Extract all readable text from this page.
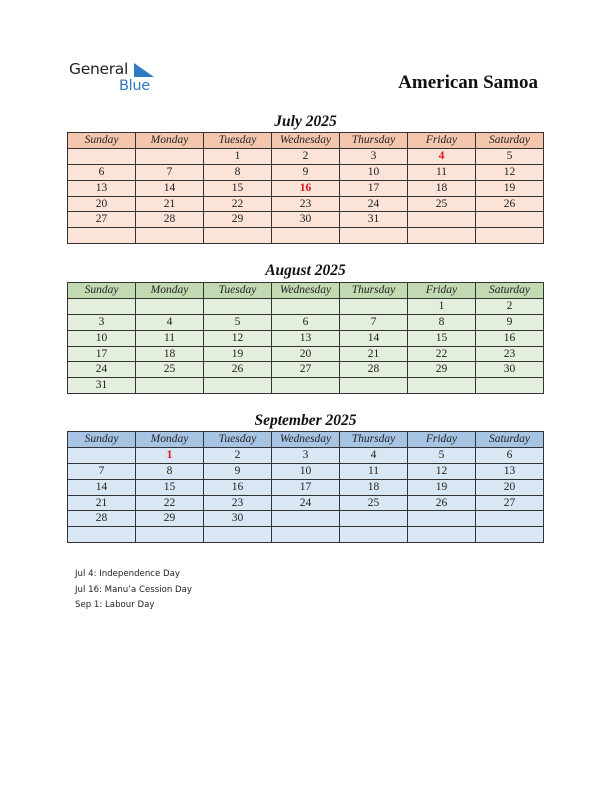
General
Blue	American Samoa
July 2025
Sunday	Monday	Tuesday	Wednesday	Thursday	Friday	Saturday
		1	2	3	4	5
6	7	8	9	10	11	12
13	14	15	16	17	18	19
20	21	22	23	24	25	26
27	28	29	30	31		

August 2025
Sunday	Monday	Tuesday	Wednesday	Thursday	Friday	Saturday
					1	2
3	4	5	6	7	8	9
10	11	12	13	14	15	16
17	18	19	20	21	22	23
24	25	26	27	28	29	30
31						
September 2025
Sunday	Monday	Tuesday	Wednesday	Thursday	Friday	Saturday
	1	2	3	4	5	6
7	8	9	10	11	12	13
14	15	16	17	18	19	20
21	22	23	24	25	26	27
28	29	30				

Jul 4: Independence Day
Jul 16: Manu’a Cession Day
Sep 1: Labour Day
